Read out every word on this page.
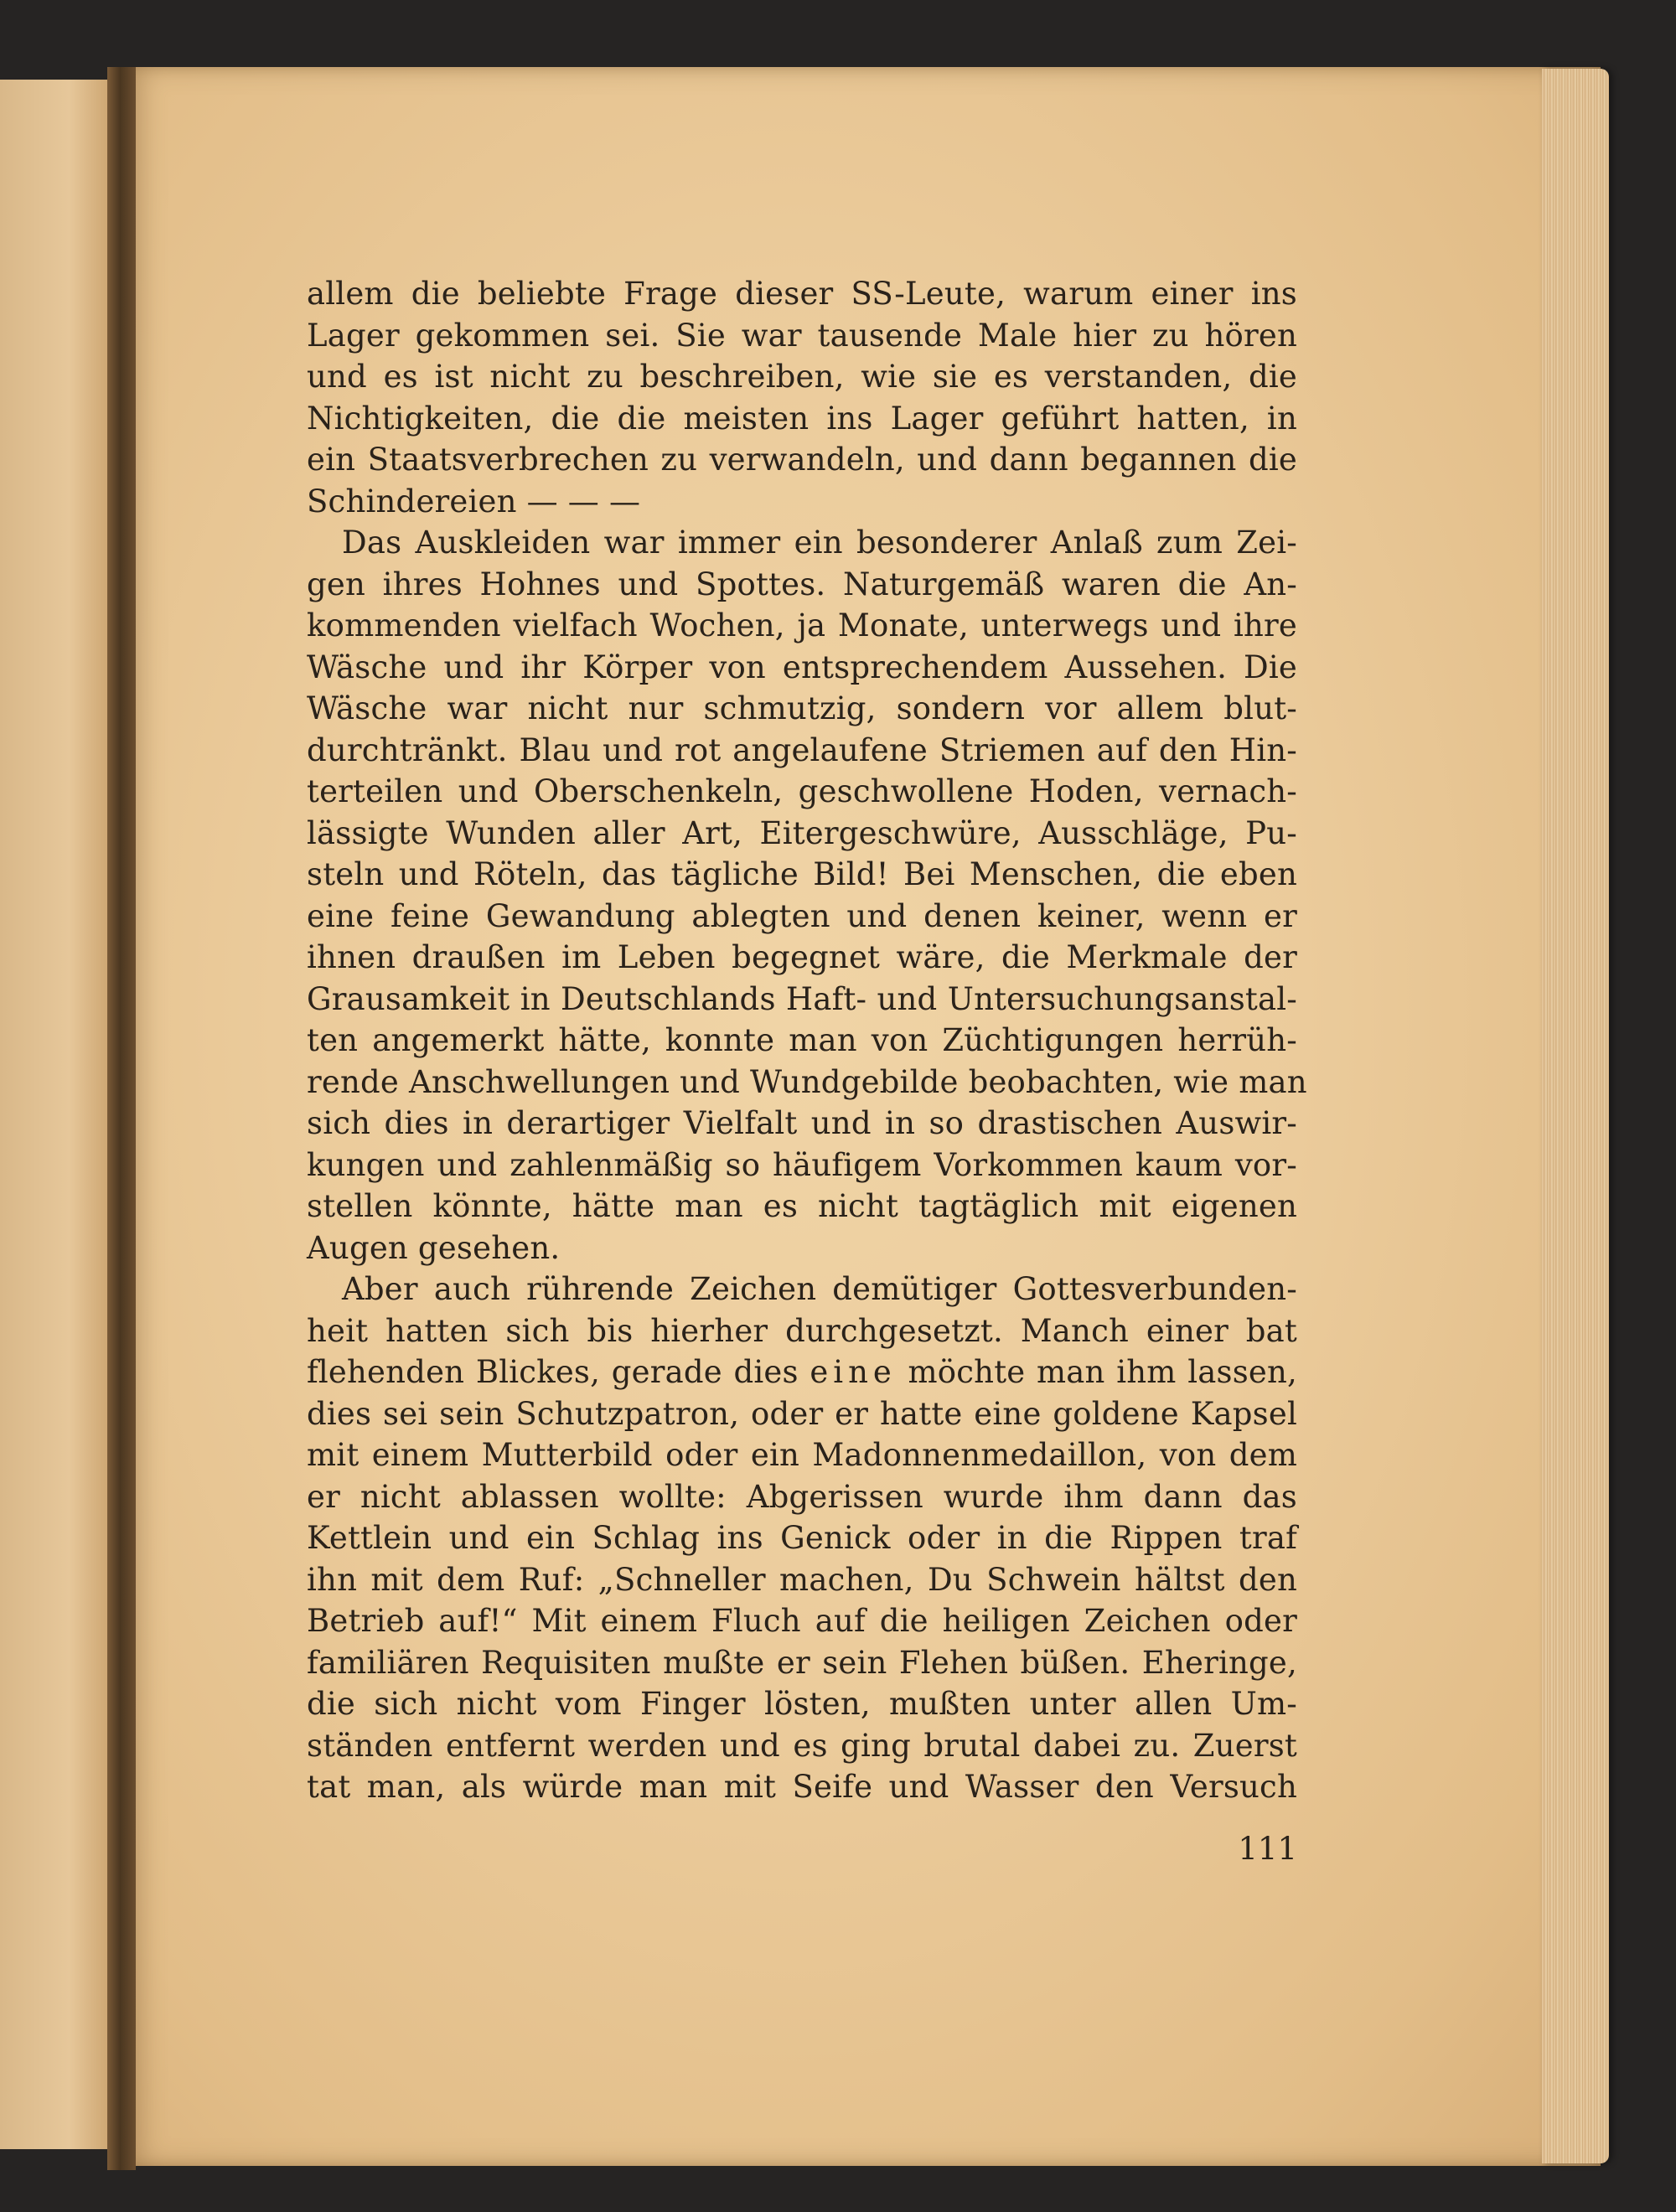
allem die beliebte Frage dieser SS-Leute, warum einer ins
Lager gekommen sei. Sie war tausende Male hier zu hören
und es ist nicht zu beschreiben, wie sie es verstanden, die
Nichtigkeiten, die die meisten ins Lager geführt hatten, in
ein Staatsverbrechen zu verwandeln, und dann begannen die
Schindereien — — —
Das Auskleiden war immer ein besonderer Anlaß zum Zei-
gen ihres Hohnes und Spottes. Naturgemäß waren die An-
kommenden vielfach Wochen, ja Monate, unterwegs und ihre
Wäsche und ihr Körper von entsprechendem Aussehen. Die
Wäsche war nicht nur schmutzig, sondern vor allem blut-
durchtränkt. Blau und rot angelaufene Striemen auf den Hin-
terteilen und Oberschenkeln, geschwollene Hoden, vernach-
lässigte Wunden aller Art, Eitergeschwüre, Ausschläge, Pu-
steln und Röteln, das tägliche Bild! Bei Menschen, die eben
eine feine Gewandung ablegten und denen keiner, wenn er
ihnen draußen im Leben begegnet wäre, die Merkmale der
Grausamkeit in Deutschlands Haft- und Untersuchungsanstal-
ten angemerkt hätte, konnte man von Züchtigungen herrüh-
rende Anschwellungen und Wundgebilde beobachten, wie man
sich dies in derartiger Vielfalt und in so drastischen Auswir-
kungen und zahlenmäßig so häufigem Vorkommen kaum vor-
stellen könnte, hätte man es nicht tagtäglich mit eigenen
Augen gesehen.
Aber auch rührende Zeichen demütiger Gottesverbunden-
heit hatten sich bis hierher durchgesetzt. Manch einer bat
flehenden Blickes, gerade dies eine möchte man ihm lassen,
dies sei sein Schutzpatron, oder er hatte eine goldene Kapsel
mit einem Mutterbild oder ein Madonnenmedaillon, von dem
er nicht ablassen wollte: Abgerissen wurde ihm dann das
Kettlein und ein Schlag ins Genick oder in die Rippen traf
ihn mit dem Ruf: „Schneller machen, Du Schwein hältst den
Betrieb auf!“ Mit einem Fluch auf die heiligen Zeichen oder
familiären Requisiten mußte er sein Flehen büßen. Eheringe,
die sich nicht vom Finger lösten, mußten unter allen Um-
ständen entfernt werden und es ging brutal dabei zu. Zuerst
tat man, als würde man mit Seife und Wasser den Versuch
111
